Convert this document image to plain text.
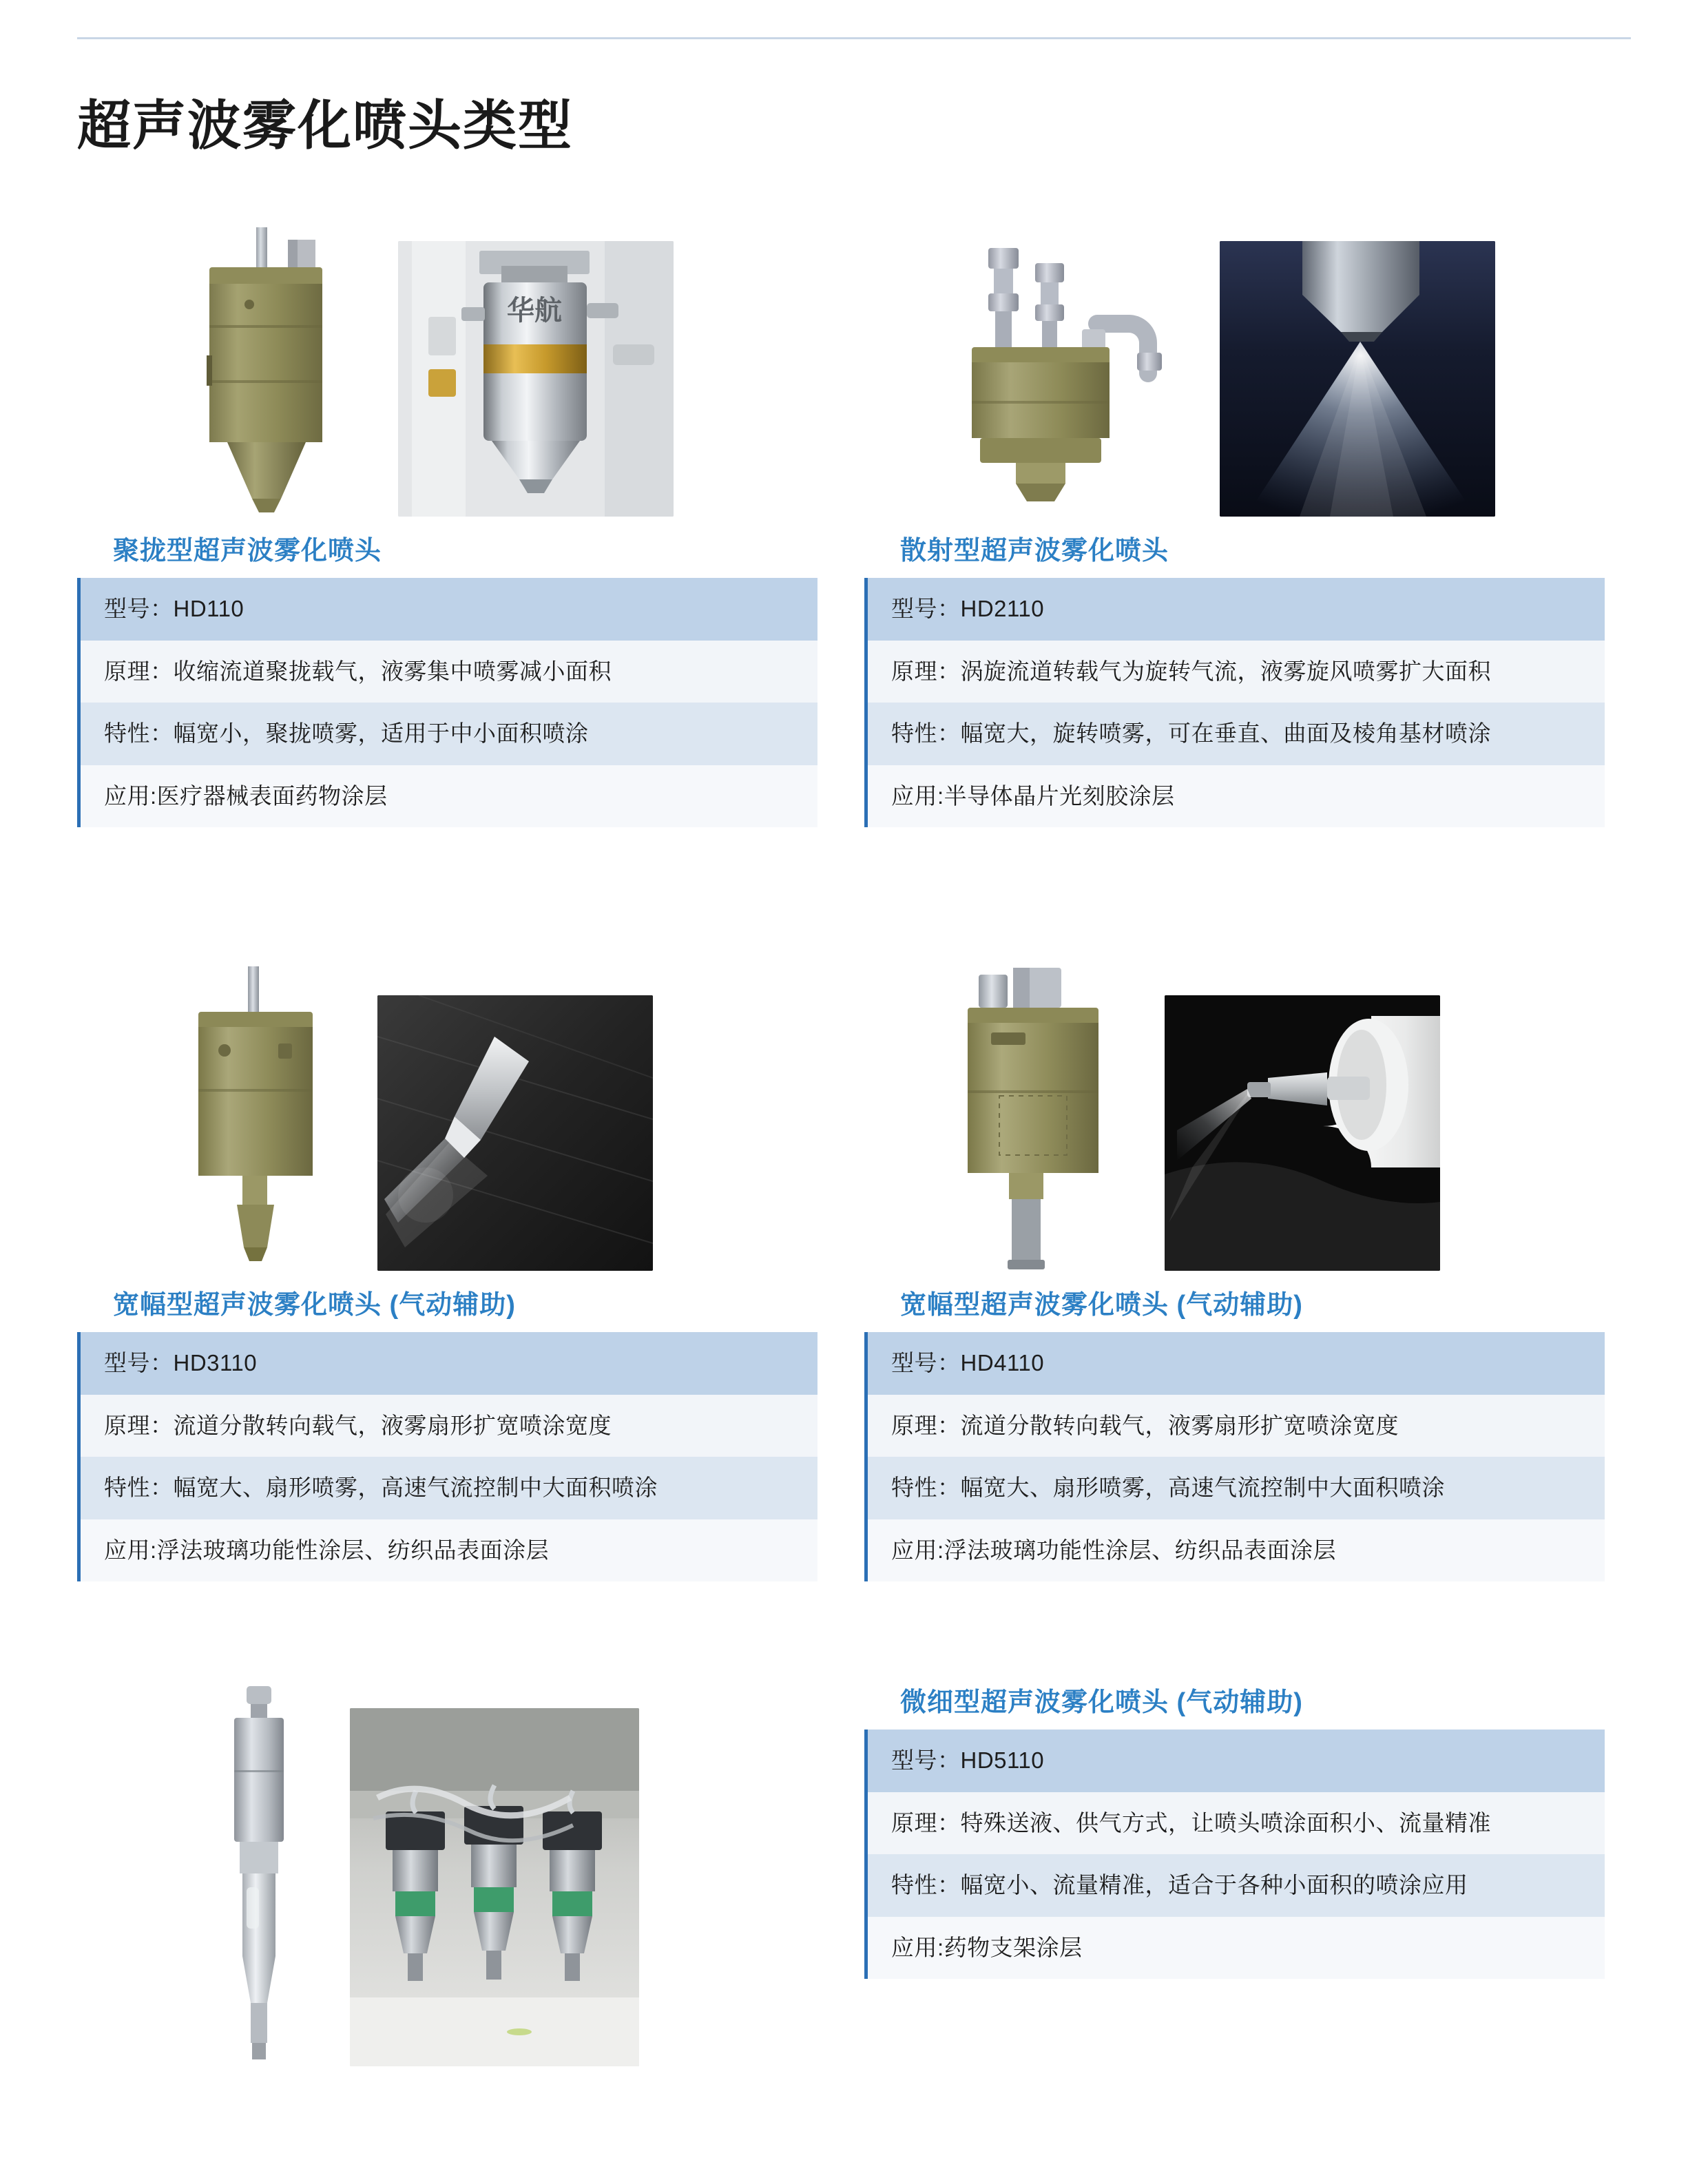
超声波雾化喷头类型
华航
聚拢型超声波雾化喷头
型号：HD110
原理：收缩流道聚拢载气，液雾集中喷雾减小面积
特性：幅宽小，聚拢喷雾，适用于中小面积喷涂
应用:医疗器械表面药物涂层
散射型超声波雾化喷头
型号：HD2110
原理：涡旋流道转载气为旋转气流，液雾旋风喷雾扩大面积
特性：幅宽大，旋转喷雾，可在垂直、曲面及棱角基材喷涂
应用:半导体晶片光刻胶涂层
宽幅型超声波雾化喷头 (气动辅助)
型号：HD3110
原理：流道分散转向载气，液雾扇形扩宽喷涂宽度
特性：幅宽大、扇形喷雾，高速气流控制中大面积喷涂
应用:浮法玻璃功能性涂层、纺织品表面涂层
宽幅型超声波雾化喷头 (气动辅助)
型号：HD4110
原理：流道分散转向载气，液雾扇形扩宽喷涂宽度
特性：幅宽大、扇形喷雾，高速气流控制中大面积喷涂
应用:浮法玻璃功能性涂层、纺织品表面涂层
微细型超声波雾化喷头 (气动辅助)
型号：HD5110
原理：特殊送液、供气方式，让喷头喷涂面积小、流量精准
特性：幅宽小、流量精准，适合于各种小面积的喷涂应用
应用:药物支架涂层
